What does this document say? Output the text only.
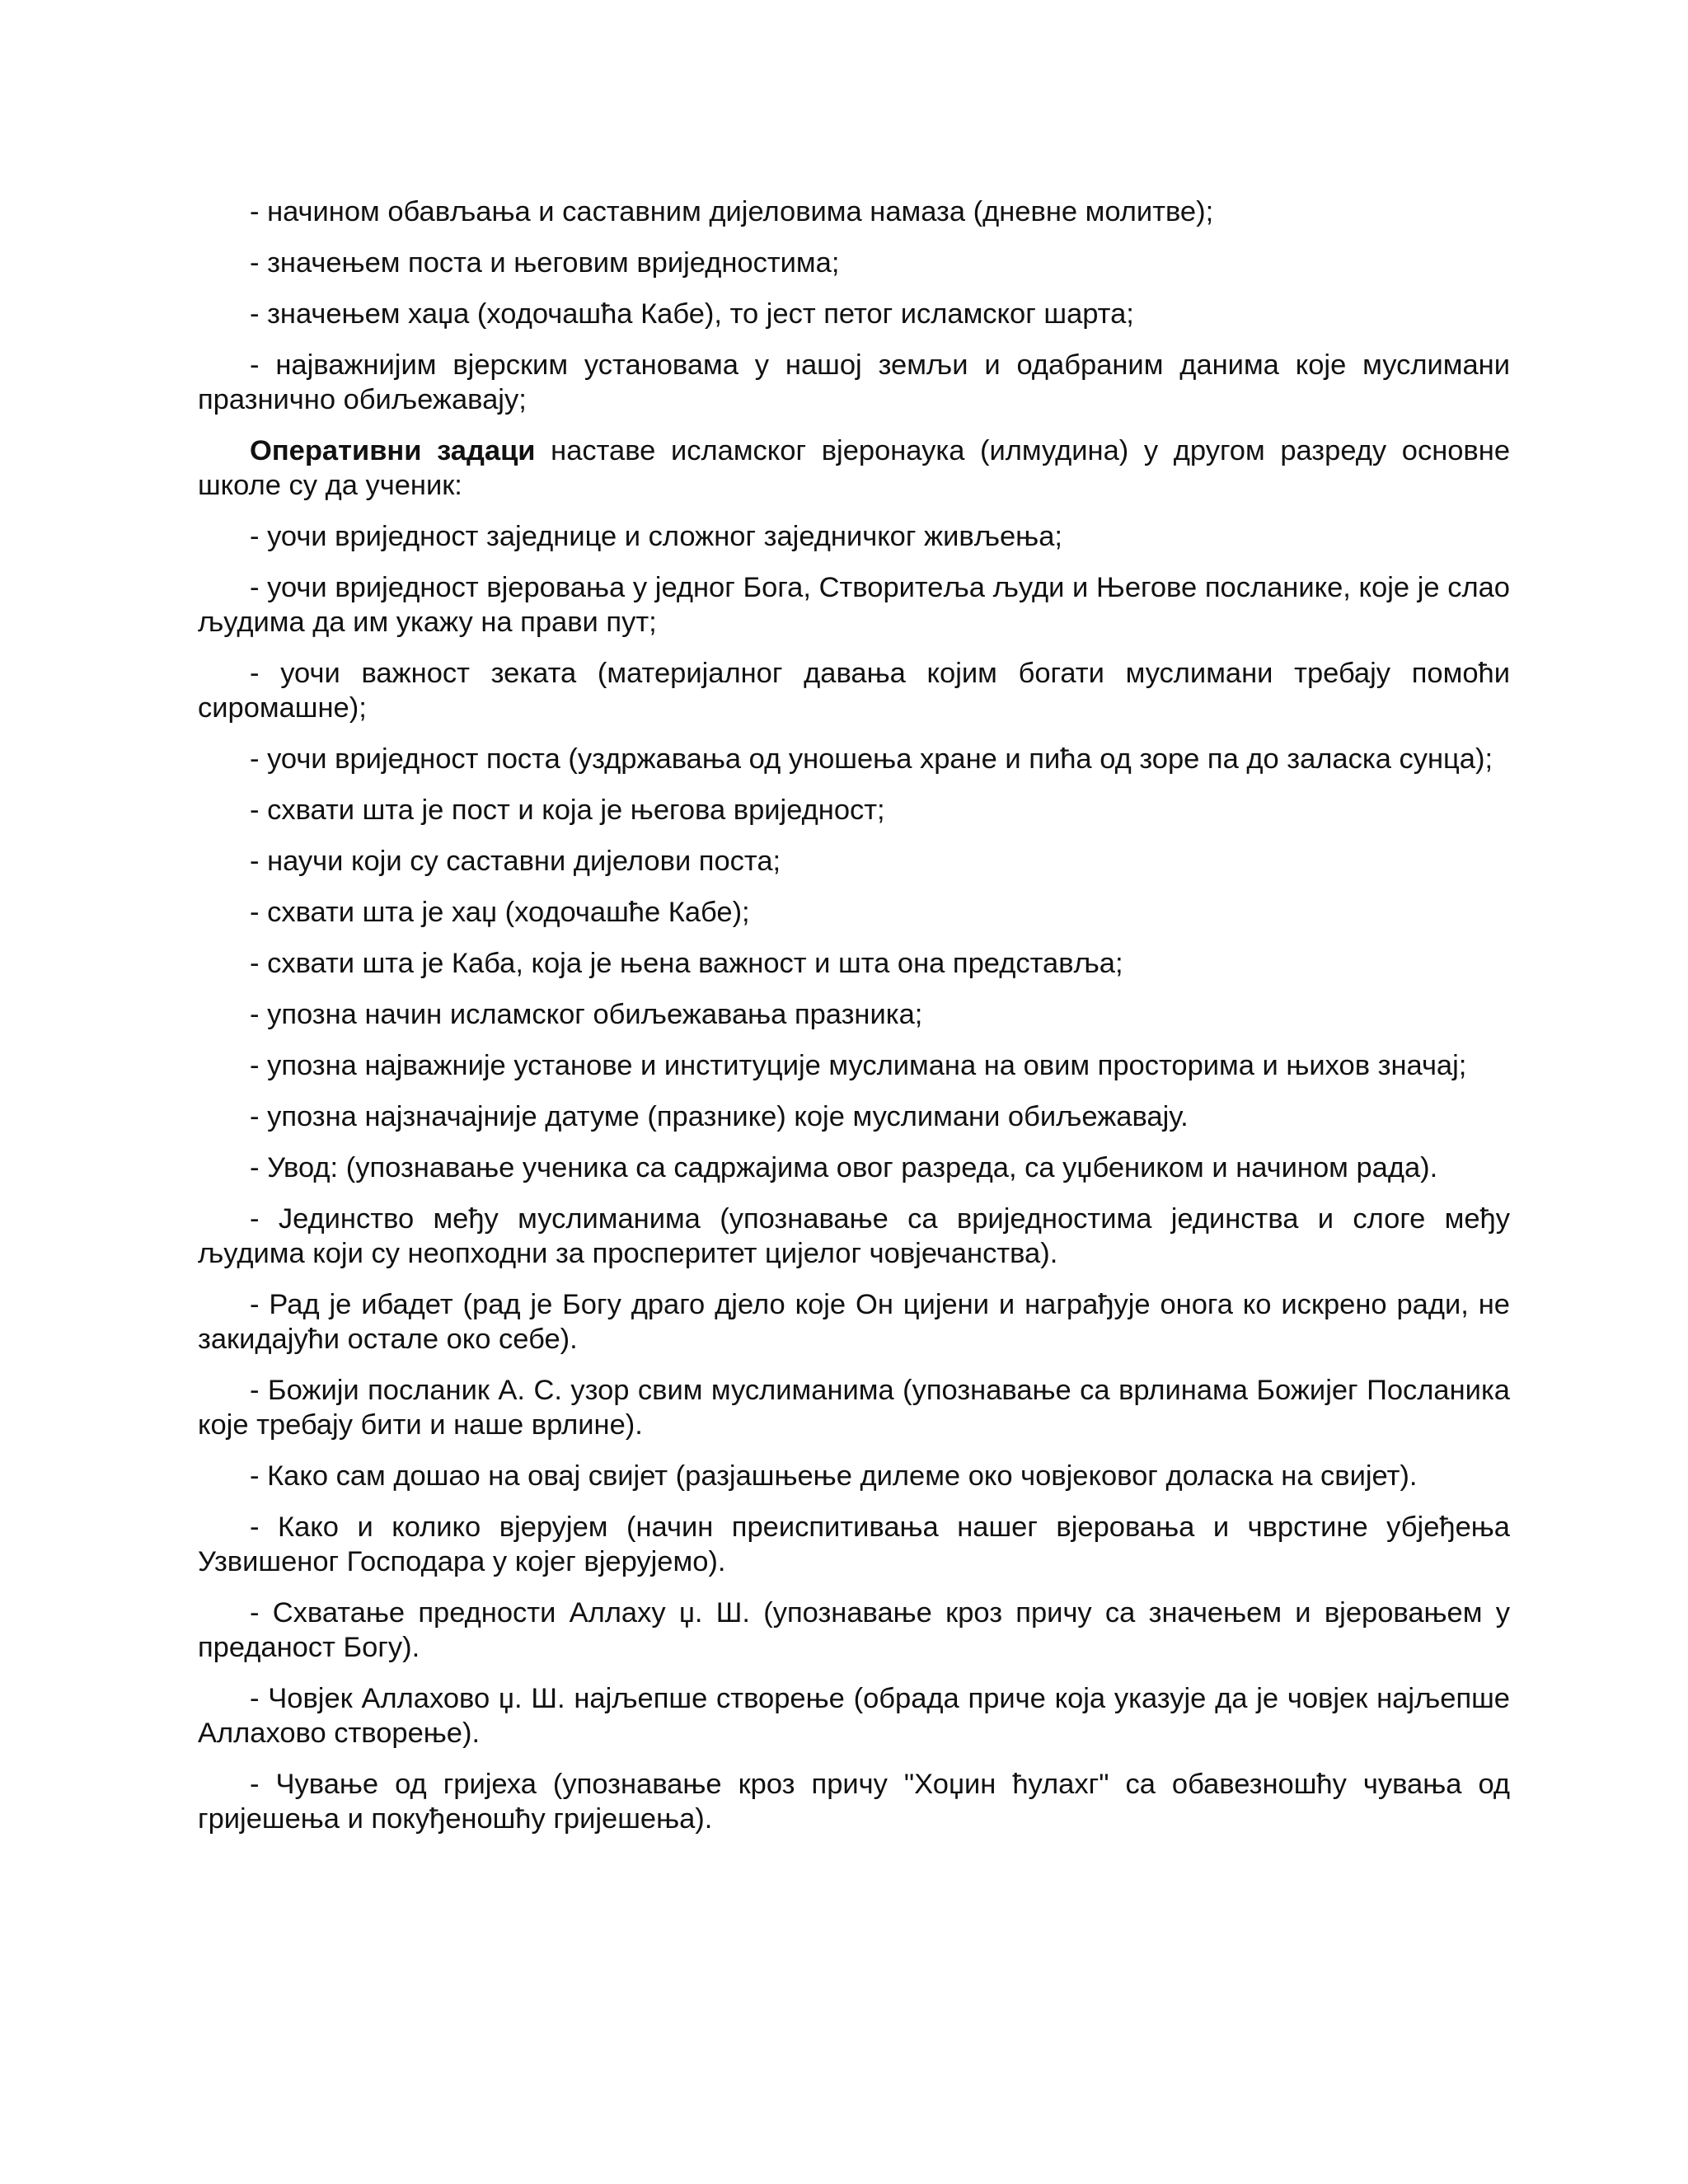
- начином обављања и саставним дијеловима намаза (дневне молитве);

- значењем поста и његовим вриједностима;

- значењем хаџа (ходочашћа Кабе), то јест петог исламског шарта;

- најважнијим вјерским установама у нашој земљи и одабраним данима које муслимани празнично обиљежавају;

Оперативни задаци наставе исламског вјеронаука (илмудина) у другом разреду основне школе су да ученик:

- уочи вриједност заједнице и сложног заједничког живљења;

- уочи вриједност вјеровања у једног Бога, Створитеља људи и Његове посланике, које је слао људима да им укажу на прави пут;

- уочи важност зеката (материјалног давања којим богати муслимани требају помоћи сиромашне);

- уочи вриједност поста (уздржавања од уношења хране и пића од зоре па до заласка сунца);

- схвати шта је пост и која је његова вриједност;

- научи који су саставни дијелови поста;

- схвати шта је хаџ (ходочашће Кабе);

- схвати шта је Каба, која је њена важност и шта она представља;

- упозна начин исламског обиљежавања празника;

- упозна најважније установе и институције муслимана на овим просторима и њихов значај;

- упозна најзначајније датуме (празнике) које муслимани обиљежавају.

- Увод: (упознавање ученика са садржајима овог разреда, са уџбеником и начином рада).

- Јединство међу муслиманима (упознавање са вриједностима јединства и слоге међу људима који су неопходни за просперитет цијелог човјечанства).

- Рад је ибадет (рад је Богу драго дјело које Он цијени и награђује онога ко искрено ради, не закидајући остале око себе).

- Божији посланик А. С. узор свим муслиманима (упознавање са врлинама Божијег Посланика које требају бити и наше врлине).

- Како сам дошао на овај свијет (разјашњење дилеме око човјековог доласка на свијет).

- Како и колико вјерујем (начин преиспитивања нашег вјеровања и чврстине убјеђења Узвишеног Господара у којег вјерујемо).

- Схватање предности Аллаху џ. Ш. (упознавање кроз причу са значењем и вјеровањем у преданост Богу).

- Човјек Аллахово џ. Ш. најљепше створење (обрада приче која указује да је човјек најљепше Аллахово створење).

- Чување од гријеха (упознавање кроз причу "Хоџин ћулахг" са обавезношћу чувања од гријешења и покуђеношћу гријешења).
